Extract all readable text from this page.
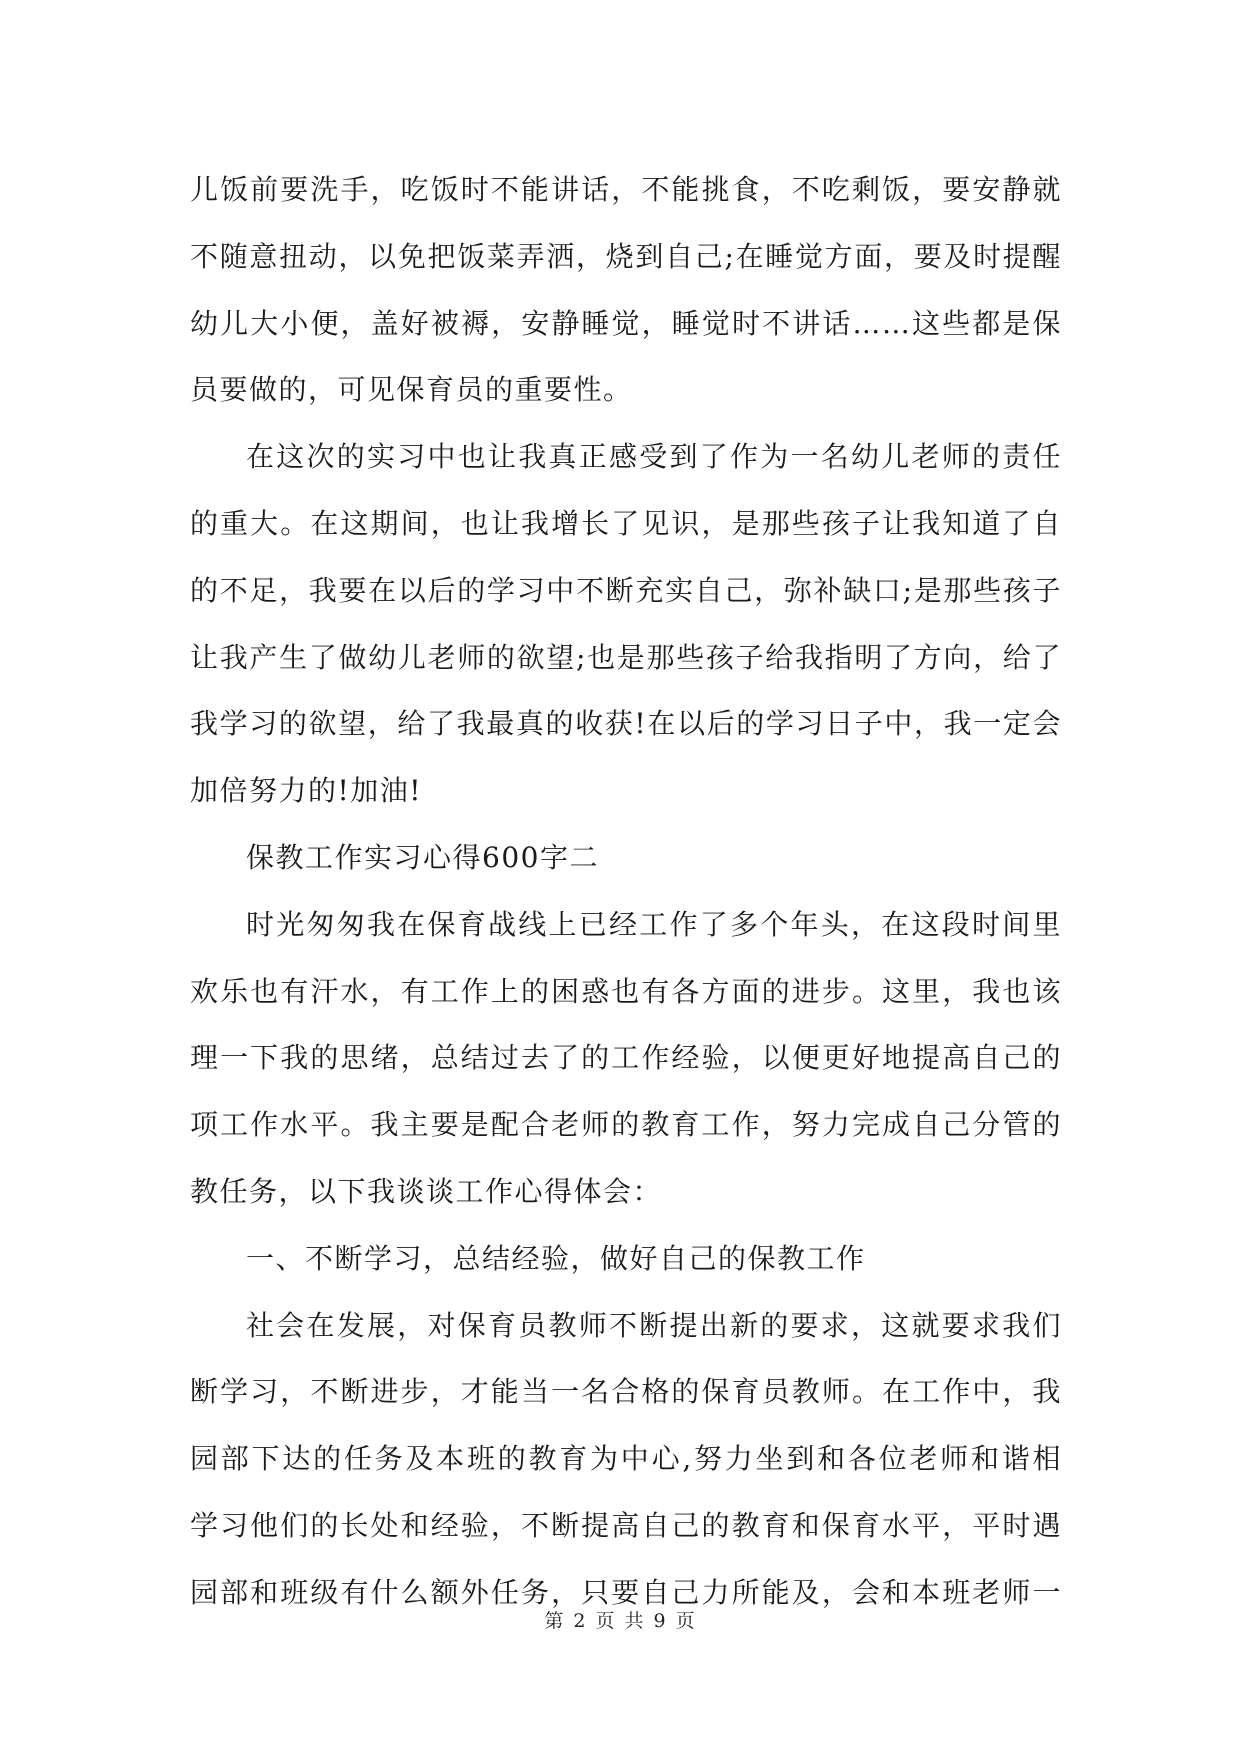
儿饭前要洗手，吃饭时不能讲话，不能挑食，不吃剩饭，要安静就
不随意扭动，以免把饭菜弄洒，烧到自己;在睡觉方面，要及时提醒
幼儿大小便，盖好被褥，安静睡觉，睡觉时不讲话……这些都是保
员要做的，可见保育员的重要性。
在这次的实习中也让我真正感受到了作为一名幼儿老师的责任
的重大。在这期间，也让我增长了见识，是那些孩子让我知道了自
的不足，我要在以后的学习中不断充实自己，弥补缺口;是那些孩子
让我产生了做幼儿老师的欲望;也是那些孩子给我指明了方向，给了
我学习的欲望，给了我最真的收获!在以后的学习日子中，我一定会
加倍努力的!加油!
保教工作实习心得600字二
时光匆匆我在保育战线上已经工作了多个年头，在这段时间里
欢乐也有汗水，有工作上的困惑也有各方面的进步。这里，我也该
理一下我的思绪，总结过去了的工作经验，以便更好地提高自己的
项工作水平。我主要是配合老师的教育工作，努力完成自己分管的
教任务，以下我谈谈工作心得体会：
一、不断学习，总结经验，做好自己的保教工作
社会在发展，对保育员教师不断提出新的要求，这就要求我们
断学习，不断进步，才能当一名合格的保育员教师。在工作中，我
园部下达的任务及本班的教育为中心,努力坐到和各位老师和谐相
学习他们的长处和经验，不断提高自己的教育和保育水平，平时遇
园部和班级有什么额外任务，只要自己力所能及，会和本班老师一
第 2 页 共 9 页
